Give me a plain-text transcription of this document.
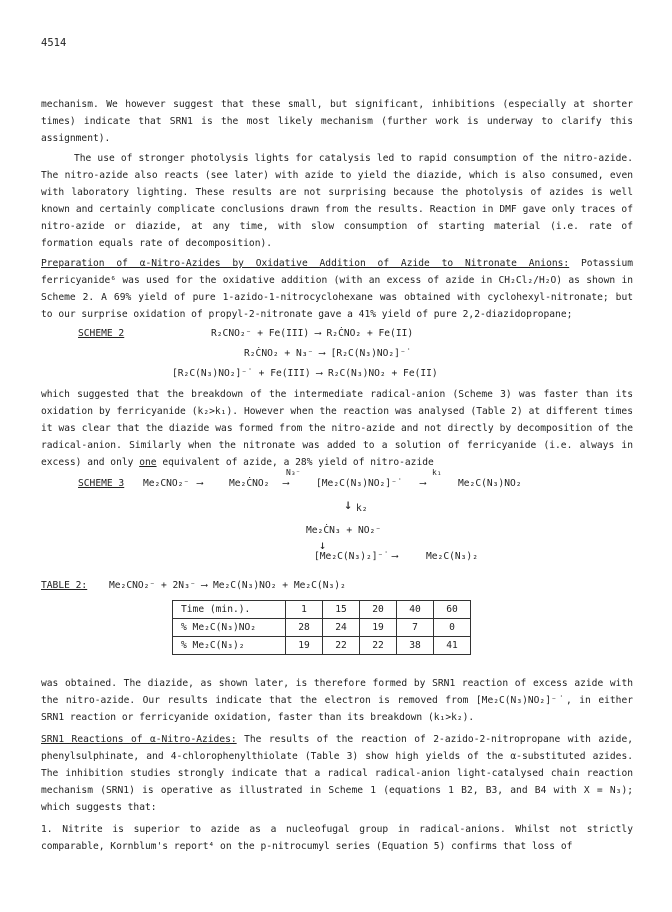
4514

mechanism. We however suggest that these small, but significant, inhibitions (especially at shorter times) indicate that SRN1 is the most likely mechanism (further work is underway to clarify this assignment).

The use of stronger photolysis lights for catalysis led to rapid consumption of the nitro-azide. The nitro-azide also reacts (see later) with azide to yield the diazide, which is also consumed, even with laboratory lighting. These results are not surprising because the photolysis of azides is well known and certainly complicate conclusions drawn from the results. Reaction in DMF gave only traces of nitro-azide or diazide, at any time, with slow consumption of starting material (i.e. rate of formation equals rate of decomposition).

Preparation of α-Nitro-Azides by Oxidative Addition of Azide to Nitronate Anions: Potassium ferricyanide⁶ was used for the oxidative addition (with an excess of azide in CH₂Cl₂/H₂O) as shown in Scheme 2. A 69% yield of pure 1-azido-1-nitrocyclohexane was obtained with cyclohexyl-nitronate; but to our surprise oxidation of propyl-2-nitronate gave a 41% yield of pure 2,2-diazidopropane;

SCHEME 2	R₂CNO₂⁻ + Fe(III) ⟶ R₂ĊNO₂ + Fe(II)
R₂ĊNO₂ + N₃⁻ ⟶ [R₂C(N₃)NO₂]⁻˙
[R₂C(N₃)NO₂]⁻˙ + Fe(III) ⟶ R₂C(N₃)NO₂ + Fe(II)

which suggested that the breakdown of the intermediate radical-anion (Scheme 3) was faster than its oxidation by ferricyanide (k₂>k₁). However when the reaction was analysed (Table 2) at different times it was clear that the diazide was formed from the nitro-azide and not directly by decomposition of the radical-anion. Similarly when the nitronate was added to a solution of ferricyanide (i.e. always in excess) and only one equivalent of azide, a 28% yield of nitro-azide

SCHEME 3 Me₂CNO₂⁻ ⟶	Me₂ĊNO₂
N₃⁻
⟶	[Me₂C(N₃)NO₂]⁻˙
k₁
⟶	Me₂C(N₃)NO₂
↓ k₂
Me₂ĊN₃ + NO₂⁻
↓
[Me₂C(N₃)₂]⁻˙ ⟶	Me₂C(N₃)₂
TABLE 2: Me₂CNO₂⁻ + 2N₃⁻ ⟶ Me₂C(N₃)NO₂ + Me₂C(N₃)₂
Time (min.).	1	15	20	40	60
% Me₂C(N₃)NO₂	28	24	19	7	0
% Me₂C(N₃)₂	19	22	22	38	41

was obtained. The diazide, as shown later, is therefore formed by SRN1 reaction of excess azide with the nitro-azide. Our results indicate that the electron is removed from [Me₂C(N₃)NO₂]⁻˙, in either SRN1 reaction or ferricyanide oxidation, faster than its breakdown (k₁>k₂).

SRN1 Reactions of α-Nitro-Azides: The results of the reaction of 2-azido-2-nitropropane with azide, phenylsulphinate, and 4-chlorophenylthiolate (Table 3) show high yields of the α-substituted azides. The inhibition studies strongly indicate that a radical radical-anion light-catalysed chain reaction mechanism (SRN1) is operative as illustrated in Scheme 1 (equations 1 B2, B3, and B4 with X = N₃); which suggests that:

1. Nitrite is superior to azide as a nucleofugal group in radical-anions. Whilst not strictly comparable, Kornblum's report⁴ on the p-nitrocumyl series (Equation 5) confirms that loss of
